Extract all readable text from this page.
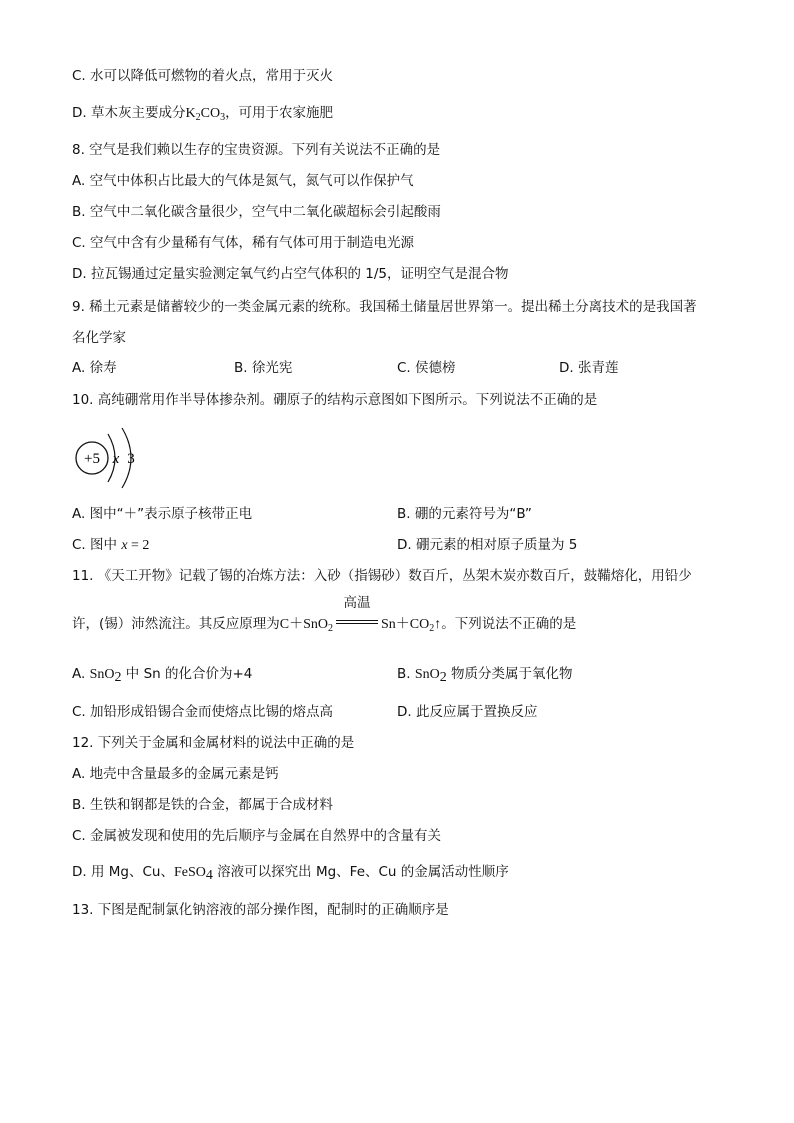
C. 水可以降低可燃物的着火点，常用于灭火
D. 草木灰主要成分$K_2CO_3$，可用于农家施肥
8. 空气是我们赖以生存的宝贵资源。下列有关说法不正确的是
A. 空气中体积占比最大的气体是氮气，氮气可以作保护气
B. 空气中二氧化碳含量很少，空气中二氧化碳超标会引起酸雨
C. 空气中含有少量稀有气体，稀有气体可用于制造电光源
D. 拉瓦锡通过定量实验测定氧气约占空气体积的 1/5，证明空气是混合物
9. 稀土元素是储蓄较少的一类金属元素的统称。我国稀土储量居世界第一。提出稀土分离技术的是我国著
名化学家
A. 徐寿	B. 徐光宪	C. 侯德榜	D. 张青莲
10. 高纯硼常用作半导体掺杂剂。硼原子的结构示意图如下图所示。下列说法不正确的是
+5 x 3
A. 图中“＋”表示原子核带正电	B. 硼的元素符号为“B”
C. 图中 x = 2	D. 硼元素的相对原子质量为 5
11. 《天工开物》记载了锡的冶炼方法：入砂（指锡砂）数百斤，丛架木炭亦数百斤，鼓鞴熔化，用铅少
许，(锡）沛然流注。其反应原理为C＋SnO$_2$
高温
$Sn+CO_2↑$。下列说法不正确的是
A. SnO$_2$ 中 Sn 的化合价为+4	B. SnO$_2$ 物质分类属于氧化物
C. 加铅形成铅锡合金而使熔点比锡的熔点高	D. 此反应属于置换反应
12. 下列关于金属和金属材料的说法中正确的是
A. 地壳中含量最多的金属元素是钙
B. 生铁和钢都是铁的合金，都属于合成材料
C. 金属被发现和使用的先后顺序与金属在自然界中的含量有关
D. 用 Mg、Cu、FeSO$_4$ 溶液可以探究出 Mg、Fe、Cu 的金属活动性顺序
13. 下图是配制氯化钠溶液的部分操作图，配制时的正确顺序是
